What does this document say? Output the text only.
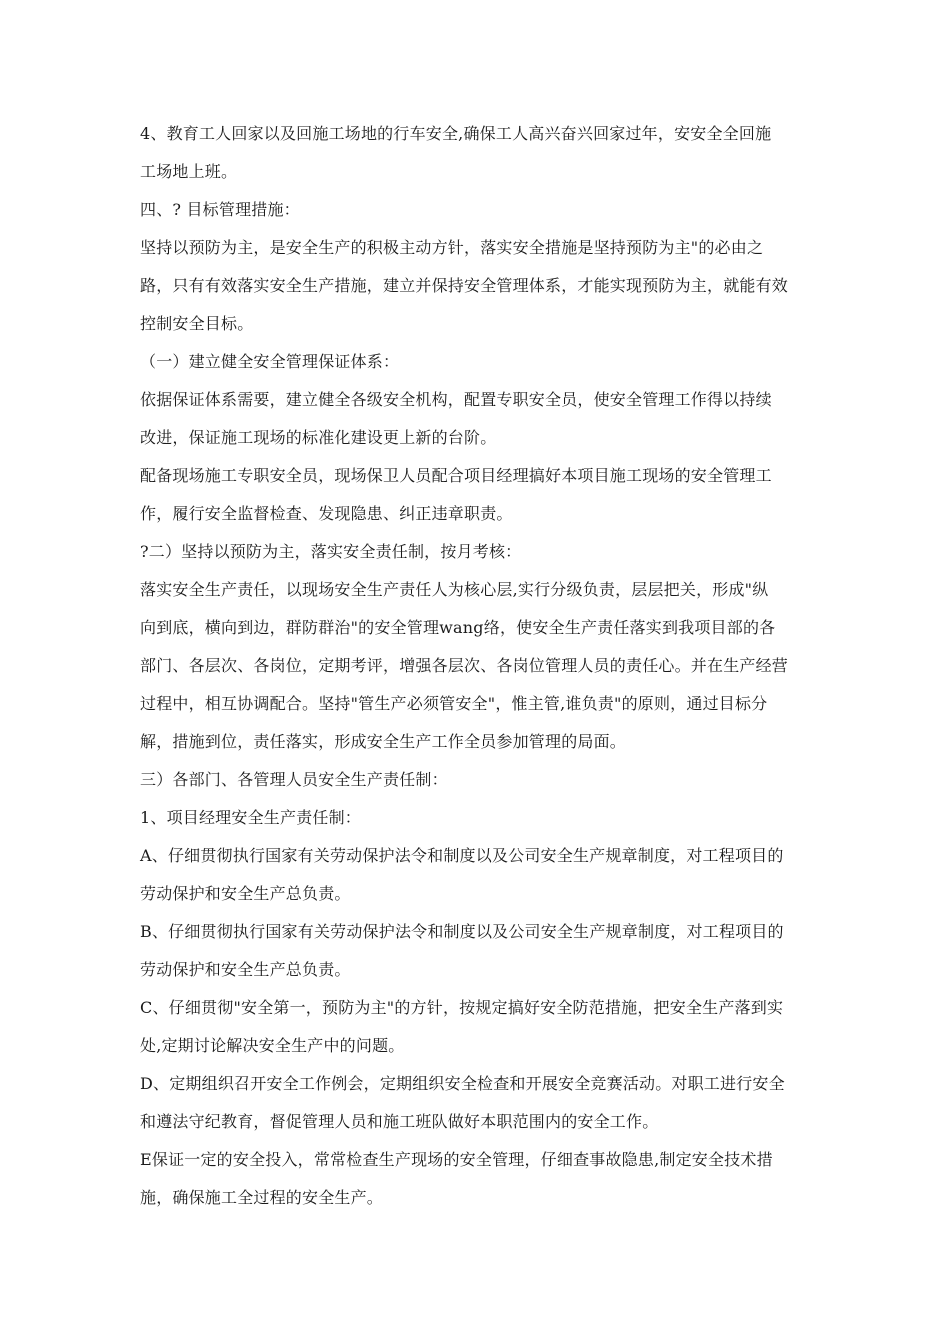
4、教育工人回家以及回施工场地的行车安全,确保工人高兴奋兴回家过年，安安全全回施
工场地上班。
四、? 目标管理措施：
坚持以预防为主，是安全生产的积极主动方针，落实安全措施是坚持预防为主"的必由之
路，只有有效落实安全生产措施，建立并保持安全管理体系，才能实现预防为主，就能有效
控制安全目标。
（一）建立健全安全管理保证体系：
依据保证体系需要，建立健全各级安全机构，配置专职安全员，使安全管理工作得以持续
改进，保证施工现场的标准化建设更上新的台阶。
配备现场施工专职安全员，现场保卫人员配合项目经理搞好本项目施工现场的安全管理工
作，履行安全监督检查、发现隐患、纠正违章职责。
?二）坚持以预防为主，落实安全责任制，按月考核：
落实安全生产责任，以现场安全生产责任人为核心层,实行分级负责，层层把关，形成"纵
向到底，横向到边，群防群治"的安全管理wang络，使安全生产责任落实到我项目部的各
部门、各层次、各岗位，定期考评，增强各层次、各岗位管理人员的责任心。并在生产经营
过程中，相互协调配合。坚持"管生产必须管安全"，惟主管,谁负责"的原则，通过目标分
解，措施到位，责任落实，形成安全生产工作全员参加管理的局面。
三）各部门、各管理人员安全生产责任制：
1、项目经理安全生产责任制：
A、仔细贯彻执行国家有关劳动保护法令和制度以及公司安全生产规章制度，对工程项目的
劳动保护和安全生产总负责。
B、仔细贯彻执行国家有关劳动保护法令和制度以及公司安全生产规章制度，对工程项目的
劳动保护和安全生产总负责。
C、仔细贯彻"安全第一，预防为主"的方针，按规定搞好安全防范措施，把安全生产落到实
处,定期讨论解决安全生产中的问题。
D、定期组织召开安全工作例会，定期组织安全检查和开展安全竞赛活动。对职工进行安全
和遵法守纪教育，督促管理人员和施工班队做好本职范围内的安全工作。
E保证一定的安全投入，常常检查生产现场的安全管理，仔细查事故隐患,制定安全技术措
施，确保施工全过程的安全生产。
